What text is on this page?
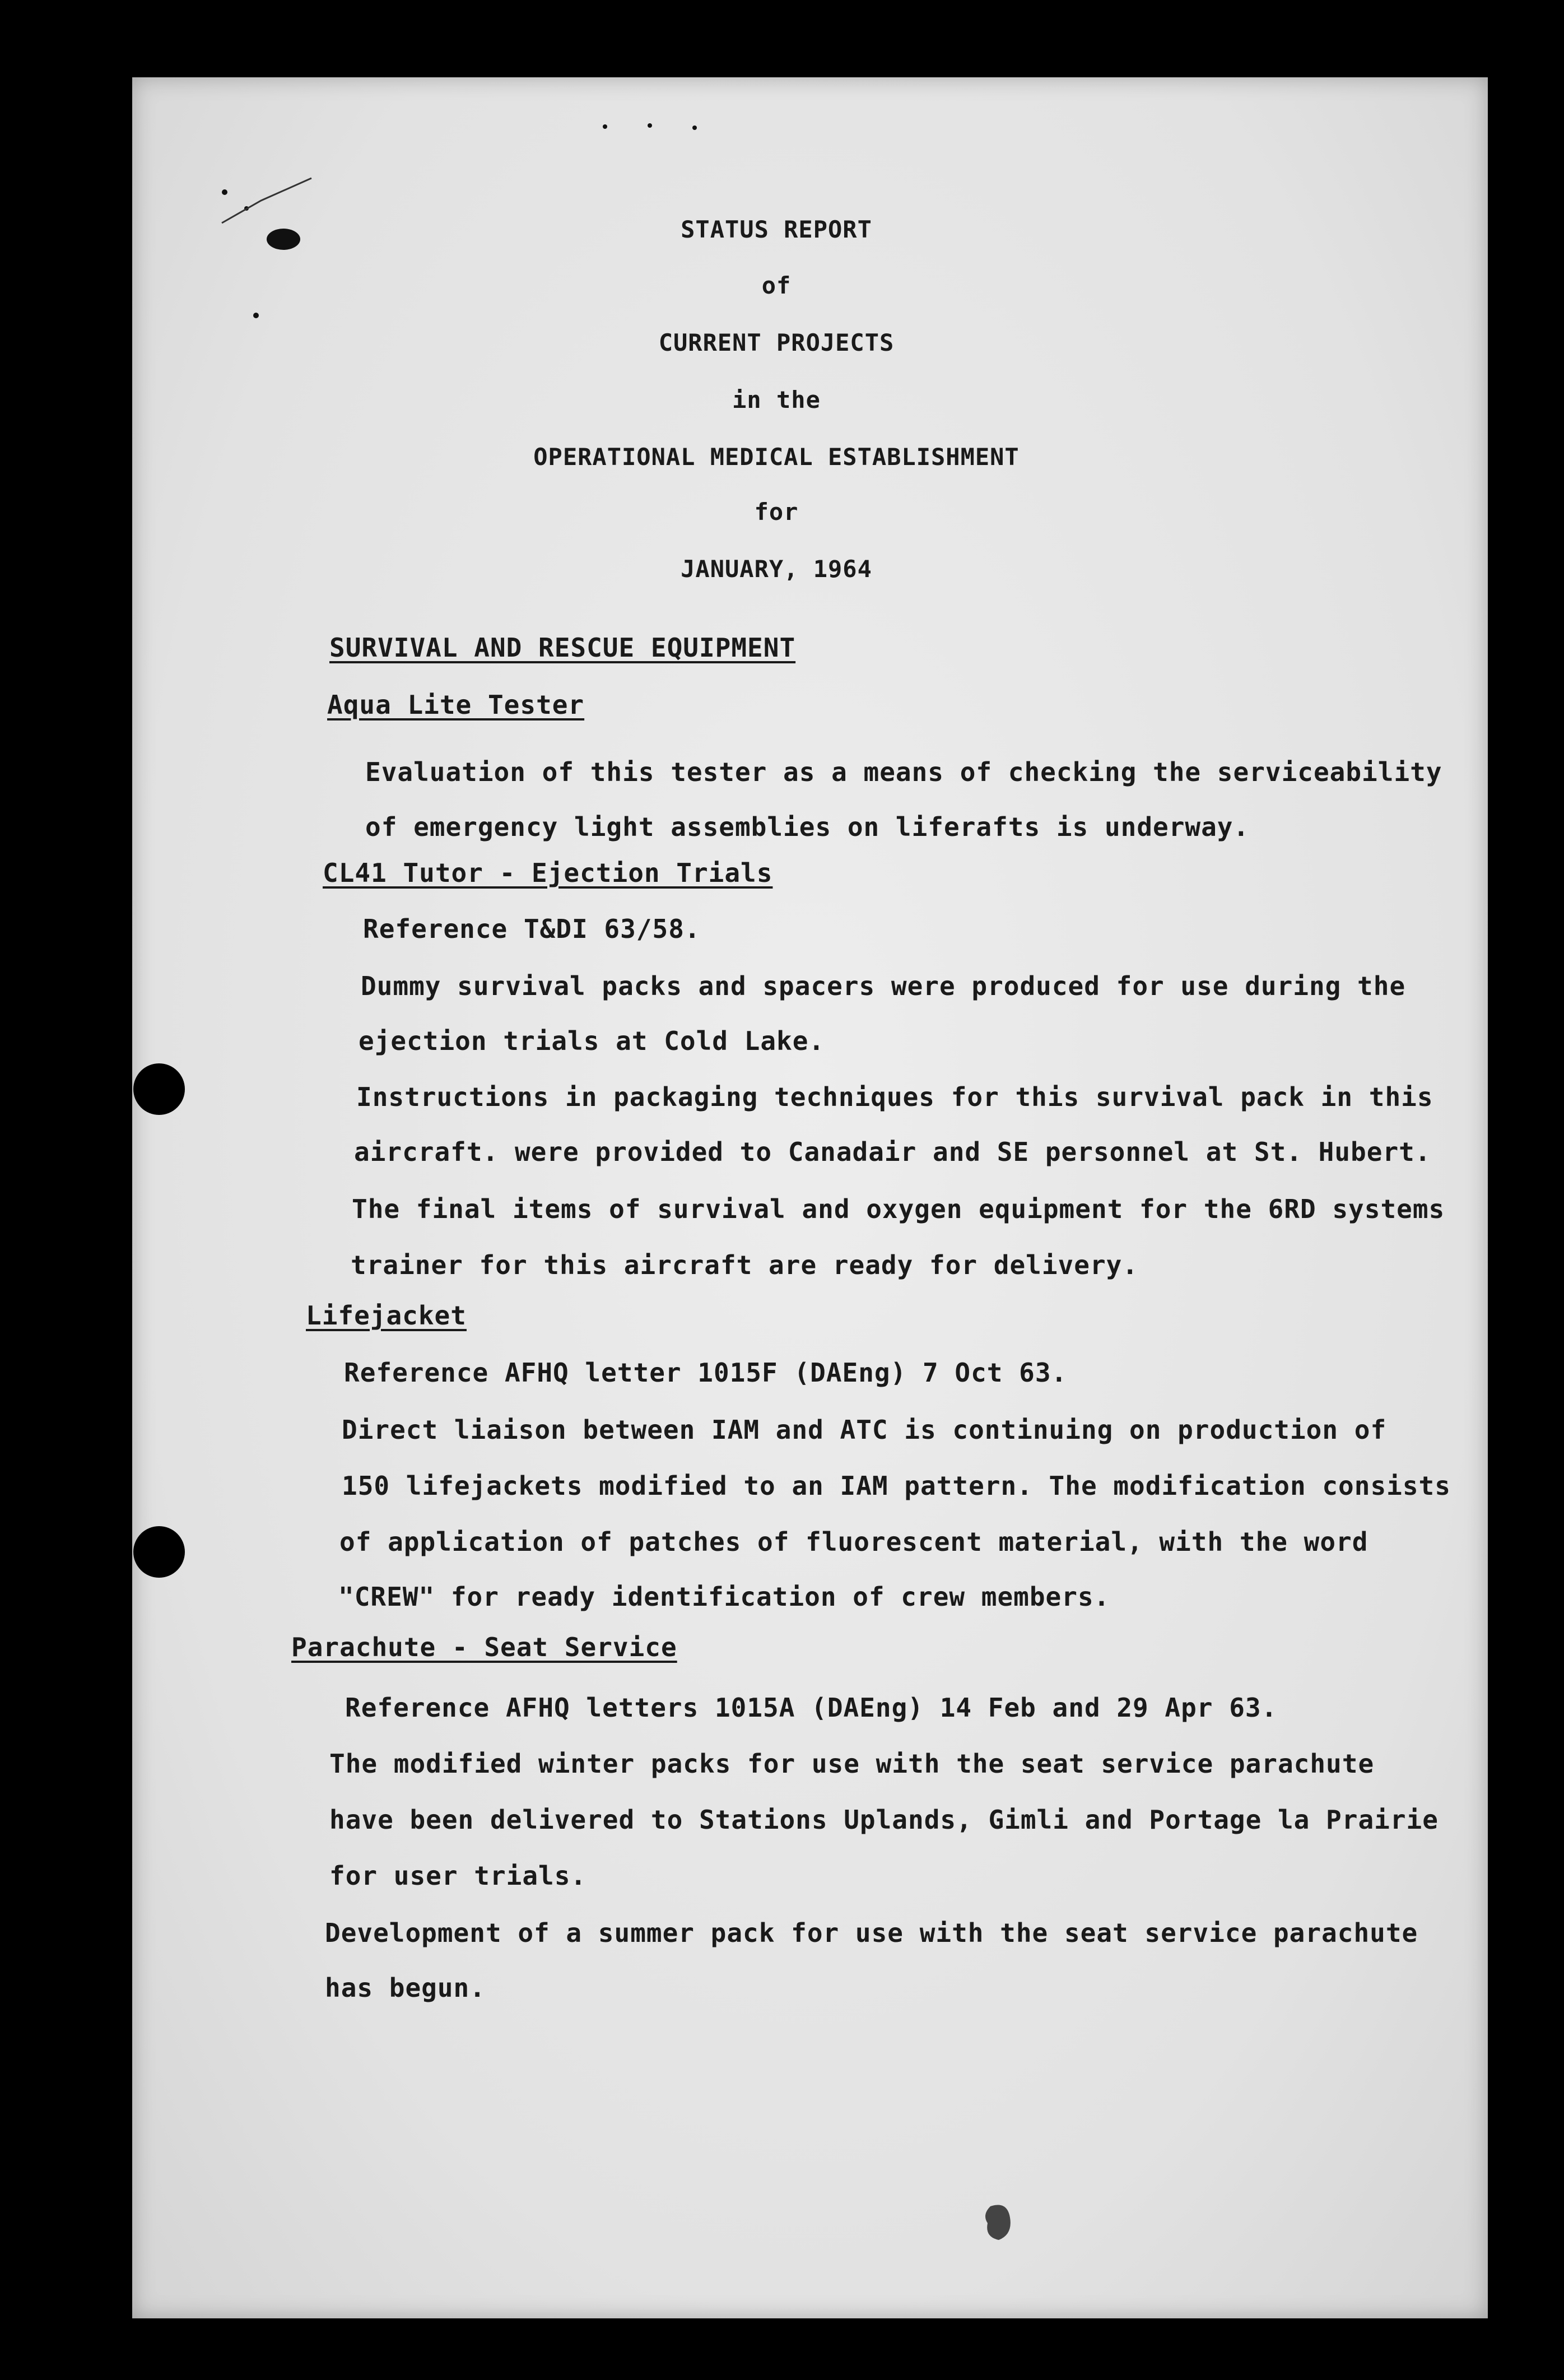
STATUS REPORT
of
CURRENT PROJECTS
in the
OPERATIONAL MEDICAL ESTABLISHMENT
for
JANUARY, 1964
SURVIVAL AND RESCUE EQUIPMENT
Aqua Lite Tester
Evaluation of this tester as a means of checking the serviceability
of emergency light assemblies on liferafts is underway.
CL41 Tutor - Ejection Trials
Reference T&DI 63/58.
Dummy survival packs and spacers were produced for use during the
ejection trials at Cold Lake.
Instructions in packaging techniques for this survival pack in this
aircraft. were provided to Canadair and SE personnel at St. Hubert.
The final items of survival and oxygen equipment for the 6RD systems
trainer for this aircraft are ready for delivery.
Lifejacket
Reference AFHQ letter 1015F (DAEng) 7 Oct 63.
Direct liaison between IAM and ATC is continuing on production of
150 lifejackets modified to an IAM pattern. The modification consists
of application of patches of fluorescent material, with the word
"CREW" for ready identification of crew members.
Parachute - Seat Service
Reference AFHQ letters 1015A (DAEng) 14 Feb and 29 Apr 63.
The modified winter packs for use with the seat service parachute
have been delivered to Stations Uplands, Gimli and Portage la Prairie
for user trials.
Development of a summer pack for use with the seat service parachute
has begun.
